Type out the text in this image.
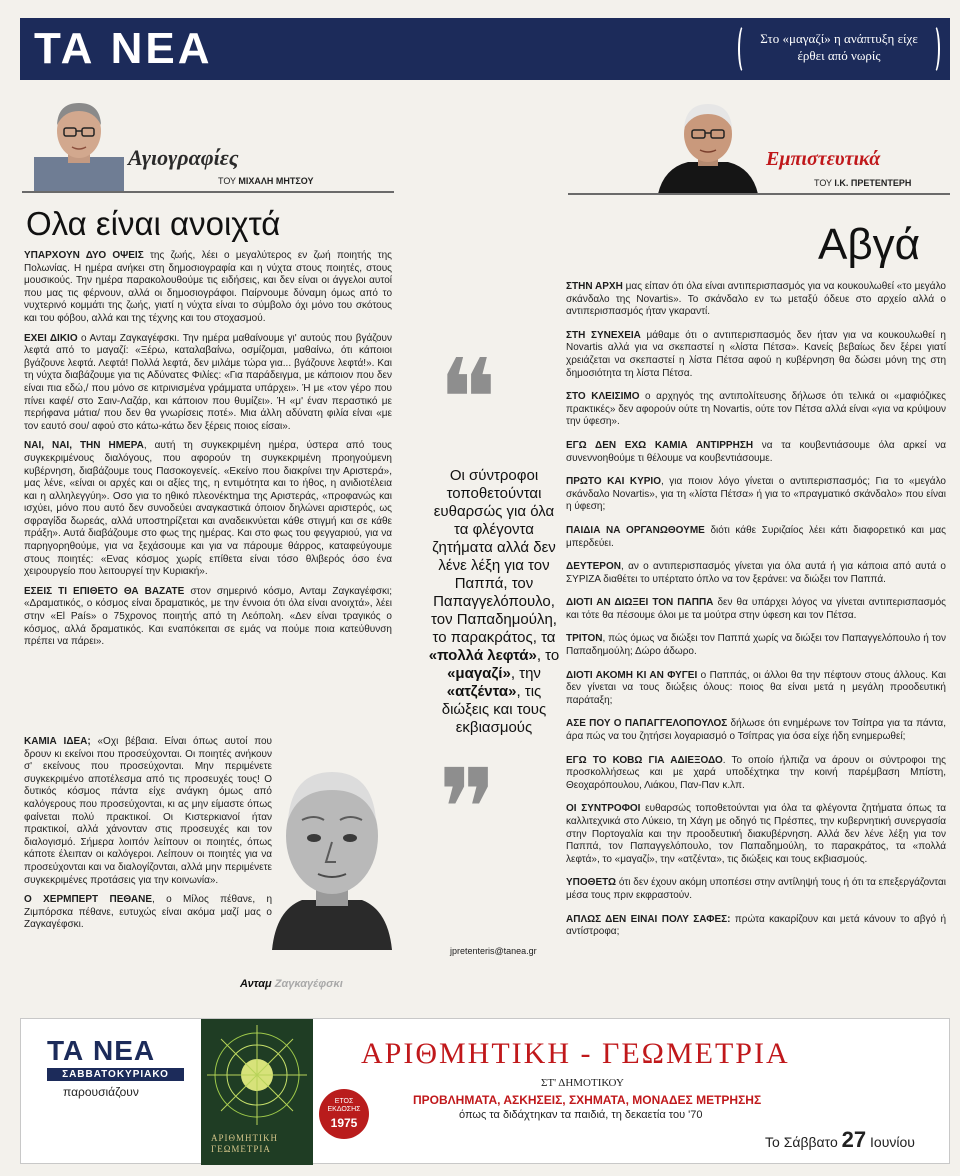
ΤΑ ΝΕΑ	Στο «μαγαζί» η ανάπτυξη είχε έρθει από νωρίς
Αγιογραφίες
ΤΟΥ ΜΙΧΑΛΗ ΜΗΤΣΟΥ
Ολα είναι ανοιχτά

ΥΠΑΡΧΟΥΝ ΔΥΟ ΟΨΕΙΣ της ζωής, λέει ο μεγαλύτερος εν ζωή ποιητής της Πολωνίας. Η ημέρα ανήκει στη δημοσιογραφία και η νύχτα στους ποιητές, στους μουσικούς. Την ημέρα παρακολουθούμε τις ειδήσεις, και δεν είναι οι άγγελοι αυτοί που μας τις φέρνουν, αλλά οι δημοσιογράφοι. Παίρνουμε δύναμη όμως από το νυχτερινό κομμάτι της ζωής, γιατί η νύχτα είναι το σύμβολο όχι μόνο του σκότους και του φόβου, αλλά και της τέχνης και του στοχασμού.

ΕΧΕΙ ΔΙΚΙΟ ο Ανταμ Ζαγκαγέφσκι. Την ημέρα μαθαίνουμε γι' αυτούς που βγάζουν λεφτά από το μαγαζί: «Ξέρω, καταλαβαίνω, οσμίζομαι, μαθαίνω, ότι κάποιοι βγάζουνε λεφτά. Λεφτά! Πολλά λεφτά, δεν μιλάμε τώρα για... βγάζουνε λεφτά!». Και τη νύχτα διαβάζουμε για τις Αδύνατες Φιλίες: «Για παράδειγμα, με κάποιον που δεν είναι πια εδώ,/ που μόνο σε κιτρινισμένα γράμματα υπάρχει». Ή με «τον γέρο που πίνει καφέ/ στο Σαιν-Λαζάρ, και κάποιον που θυμίζει». Ή «μ' έναν περαστικό με περήφανα μάτια/ που δεν θα γνωρίσεις ποτέ». Μια άλλη αδύνατη φιλία είναι «με τον εαυτό σου/ αφού στο κάτω-κάτω δεν ξέρεις ποιος είσαι».

ΝΑΙ, ΝΑΙ, ΤΗΝ ΗΜΕΡΑ, αυτή τη συγκεκριμένη ημέρα, ύστερα από τους συγκεκριμένους διαλόγους, που αφορούν τη συγκεκριμένη προηγούμενη κυβέρνηση, διαβάζουμε τους Πασοκογενείς. «Εκείνο που διακρίνει την Αριστερά», μας λένε, «είναι οι αρχές και οι αξίες της, η εντιμότητα και το ήθος, η ανιδιοτέλεια και η αλληλεγγύη». Οσο για το ηθικό πλεονέκτημα της Αριστεράς, «προφανώς και ισχύει, μόνο που αυτό δεν συνοδεύει αναγκαστικά όποιον δηλώνει αριστερός, ως σφραγίδα δωρεάς, αλλά υποστηρίζεται και αναδεικνύεται κάθε στιγμή και σε κάθε πράξη». Αυτά διαβάζουμε στο φως της ημέρας. Και στο φως του φεγγαριού, για να παρηγορηθούμε, για να ξεχάσουμε και για να πάρουμε θάρρος, καταφεύγουμε στους ποιητές: «Ενας κόσμος χωρίς επίθετα είναι τόσο θλιβερός όσο ένα χειρουργείο που λειτουργεί την Κυριακή».

ΕΣΕΙΣ ΤΙ ΕΠΙΘΕΤΟ ΘΑ ΒΑΖΑΤΕ στον σημερινό κόσμο, Ανταμ Ζαγκαγέφσκι; «Δραματικός, ο κόσμος είναι δραματικός, με την έννοια ότι όλα είναι ανοιχτά», λέει στην «El País» ο 75χρονος ποιητής από τη Λεόπολη. «Δεν είναι τραγικός ο κόσμος, αλλά δραματικός. Και εναπόκειται σε εμάς να πούμε ποια κατεύθυνση πρέπει να πάρει».

ΚΑΜΙΑ ΙΔΕΑ; «Οχι βέβαια. Είναι όπως αυτοί που δρουν κι εκείνοι που προσεύχονται. Οι ποιητές ανήκουν σ' εκείνους που προσεύχονται. Μην περιμένετε συγκεκριμένο αποτέλεσμα από τις προσευχές τους! Ο δυτικός κόσμος πάντα είχε ανάγκη όμως από καλόγερους που προσεύχονται, κι ας μην είμαστε όπως φαίνεται πολύ πρακτικοί. Οι Κιστερκιανοί ήταν πρακτικοί, αλλά χάνονταν στις προσευχές και τον διαλογισμό. Σήμερα λοιπόν λείπουν οι ποιητές, όπως κάποτε έλειπαν οι καλόγεροι. Λείπουν οι ποιητές για να προσεύχονται και να διαλογίζονται, αλλά μην περιμένετε συγκεκριμένες προτάσεις για την κοινωνία».

Ο ΧΕΡΜΠΕΡΤ ΠΕΘΑΝΕ, ο Μίλος πέθανε, η Ζιμπόρσκα πέθανε, ευτυχώς είναι ακόμα μαζί μας ο Ζαγκαγέφσκι.

Ανταμ Ζαγκαγέφσκι
Εμπιστευτικά
ΤΟΥ Ι.Κ. ΠΡΕΤΕΝΤΕΡΗ
Αβγά

ΣΤΗΝ ΑΡΧΗ μας είπαν ότι όλα είναι αντιπερισπασμός για να κουκουλωθεί «το μεγάλο σκάνδαλο της Novartis». Το σκάνδαλο εν τω μεταξύ όδευε στο αρχείο αλλά ο αντιπερισπασμός ήταν γκαραντί.

ΣΤΗ ΣΥΝΕΧΕΙΑ μάθαμε ότι ο αντιπερισπασμός δεν ήταν για να κουκουλωθεί η Novartis αλλά για να σκεπαστεί η «λίστα Πέτσα». Κανείς βεβαίως δεν ξέρει γιατί χρειάζεται να σκεπαστεί η λίστα Πέτσα αφού η κυβέρνηση θα δώσει μόνη της στη δημοσιότητα τη λίστα Πέτσα.

ΣΤΟ ΚΛΕΙΣΙΜΟ ο αρχηγός της αντιπολίτευσης δήλωσε ότι τελικά οι «μαφιόζικες πρακτικές» δεν αφορούν ούτε τη Novartis, ούτε τον Πέτσα αλλά είναι «για να κρύψουν την ύφεση».

ΕΓΩ ΔΕΝ ΕΧΩ ΚΑΜΙΑ ΑΝΤΙΡΡΗΣΗ να τα κουβεντιάσουμε όλα αρκεί να συνεννοηθούμε τι θέλουμε να κουβεντιάσουμε.

ΠΡΩΤΟ ΚΑΙ ΚΥΡΙΟ, για ποιον λόγο γίνεται ο αντιπερισπασμός; Για το «μεγάλο σκάνδαλο Novartis», για τη «λίστα Πέτσα» ή για το «πραγματικό σκάνδαλο» που είναι η ύφεση;

ΠΑΙΔΙΑ ΝΑ ΟΡΓΑΝΩΘΟΥΜΕ διότι κάθε Συριζαίος λέει κάτι διαφορετικό και μας μπερδεύει.

ΔΕΥΤΕΡΟΝ, αν ο αντιπερισπασμός γίνεται για όλα αυτά ή για κάποια από αυτά ο ΣΥΡΙΖΑ διαθέτει το υπέρτατο όπλο να τον ξεράνει: να διώξει τον Παππά.

ΔΙΟΤΙ ΑΝ ΔΙΩΞΕΙ ΤΟΝ ΠΑΠΠΑ δεν θα υπάρχει λόγος να γίνεται αντιπερισπασμός και τότε θα πέσουμε όλοι με τα μούτρα στην ύφεση και τον Πέτσα.

ΤΡΙΤΟΝ, πώς όμως να διώξει τον Παππά χωρίς να διώξει τον Παπαγγελόπουλο ή τον Παπαδημούλη; Δώρο άδωρο.

ΔΙΟΤΙ ΑΚΟΜΗ ΚΙ ΑΝ ΦΥΓΕΙ ο Παππάς, οι άλλοι θα την πέφτουν στους άλλους. Και δεν γίνεται να τους διώξεις όλους: ποιος θα είναι μετά η μεγάλη προοδευτική παράταξη;

ΑΣΕ ΠΟΥ Ο ΠΑΠΑΓΓΕΛΟΠΟΥΛΟΣ δήλωσε ότι ενημέρωνε τον Τσίπρα για τα πάντα, άρα πώς να του ζητήσει λογαριασμό ο Τσίπρας για όσα είχε ήδη ενημερωθεί;

ΕΓΩ ΤΟ ΚΟΒΩ ΓΙΑ ΑΔΙΕΞΟΔΟ. Το οποίο ήλπιζα να άρουν οι σύντροφοι της προσκολλήσεως και με χαρά υποδέχτηκα την κοινή παρέμβαση Μπίστη, Θεοχαρόπουλου, Λιάκου, Παν-Παν κ.λπ.

ΟΙ ΣΥΝΤΡΟΦΟΙ ευθαρσώς τοποθετούνται για όλα τα φλέγοντα ζητήματα όπως τα καλλιτεχνικά στο Λύκειο, τη Χάγη με οδηγό τις Πρέσπες, την κυβερνητική συνεργασία στην Πορτογαλία και την προοδευτική διακυβέρνηση. Αλλά δεν λένε λέξη για τον Παππά, τον Παπαγγελόπουλο, τον Παπαδημούλη, το παρακράτος, τα «πολλά λεφτά», το «μαγαζί», την «ατζέντα», τις διώξεις και τους εκβιασμούς.

ΥΠΟΘΕΤΩ ότι δεν έχουν ακόμη υποπέσει στην αντίληψή τους ή ότι τα επεξεργάζονται μέσα τους πριν εκφραστούν.

ΑΠΛΩΣ ΔΕΝ ΕΙΝΑΙ ΠΟΛΥ ΣΑΦΕΣ: πρώτα κακαρίζουν και μετά κάνουν το αβγό ή αντίστροφα;

❝
Οι σύντροφοι τοποθετούνται ευθαρσώς για όλα τα φλέγοντα ζητήματα αλλά δεν λένε λέξη για τον Παππά, τον Παπαγγελόπουλο, τον Παπαδημούλη, το παρακράτος, τα «πολλά λεφτά», το «μαγαζί», την «ατζέντα», τις διώξεις και τους εκβιασμούς
❞
jpretenteris@tanea.gr
ΤΑ ΝΕΑ
ΣΑΒΒΑΤΟΚΥΡΙΑΚΟ
παρουσιάζουν
ΑΡΙΘΜΗΤΙΚΗ
ΓΕΩΜΕΤΡΙΑ
ΕΤΟΣ ΕΚΔΟΣΗΣ
1975
ΑΡΙΘΜΗΤΙΚΗ - ΓΕΩΜΕΤΡΙΑ
ΣΤ' ΔΗΜΟΤΙΚΟΥ
ΠΡΟΒΛΗΜΑΤΑ, ΑΣΚΗΣΕΙΣ, ΣΧΗΜΑΤΑ, ΜΟΝΑΔΕΣ ΜΕΤΡΗΣΗΣ
όπως τα διδάχτηκαν τα παιδιά, τη δεκαετία του '70
Το Σάββατο 27 Ιουνίου
